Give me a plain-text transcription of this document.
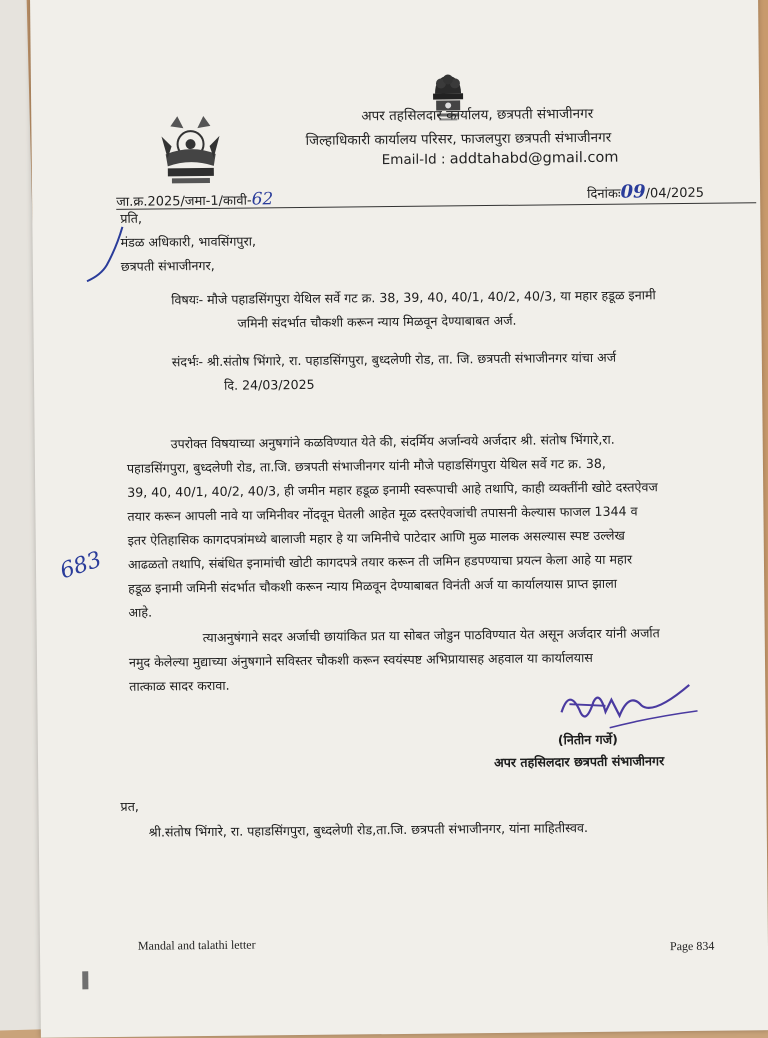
अपर तहसिलदार कार्यालय, छत्रपती संभाजीनगर
जिल्हाधिकारी कार्यालय परिसर, फाजलपुरा छत्रपती संभाजीनगर
Email-Id : addtahabd@gmail.com
जा.क्र.2025/जमा-1/कावी-62	दिनांकः09/04/2025
प्रति,
मंडळ अधिकारी, भावसिंगपुरा,
छत्रपती संभाजीनगर,
विषयः- मौजे पहाडसिंगपुरा येथिल सर्वे गट क्र. 38, 39, 40, 40/1, 40/2, 40/3, या महार हडूळ इनामी
जमिनी संदर्भात चौकशी करून न्याय मिळवून देण्याबाबत अर्ज.
संदर्भः- श्री.संतोष भिंगारे, रा. पहाडसिंगपुरा, बुध्दलेणी रोड, ता. जि. छत्रपती संभाजीनगर यांचा अर्ज
दि. 24/03/2025
उपरोक्त विषयाच्या अनुषगांने कळविण्यात येते की, संदर्मिय अर्जान्वये अर्जदार श्री. संतोष भिंगारे,रा.
पहाडसिंगपुरा, बुध्दलेणी रोड, ता.जि. छत्रपती संभाजीनगर यांनी मौजे पहाडसिंगपुरा येथिल सर्वे गट क्र. 38,
39, 40, 40/1, 40/2, 40/3, ही जमीन महार हडूळ इनामी स्वरूपाची आहे तथापि, काही व्यक्तींनी खोटे दस्तऐवज
तयार करून आपली नावे या जमिनीवर नोंदवून घेतली आहेत मूळ दस्तऐवजांची तपासनी केल्यास फाजल 1344 व
इतर ऐतिहासिक कागदपत्रांमध्ये बालाजी महार हे या जमिनीचे पाटेदार आणि मुळ मालक असल्यास स्पष्ट उल्लेख
आढळतो तथापि, संबंधित इनामांची खोटी कागदपत्रे तयार करून ती जमिन हडपण्याचा प्रयत्न केला आहे या महार
हडूळ इनामी जमिनी संदर्भात चौकशी करून न्याय मिळवून देण्याबाबत विनंती अर्ज या कार्यालयास प्राप्त झाला
आहे.
683
त्याअनुषंगाने सदर अर्जाची छायांकित प्रत या सोबत जोडुन पाठविण्यात येत असून अर्जदार यांनी अर्जात
नमुद केलेल्या मुद्याच्या अंनुषगाने सविस्तर चौकशी करून स्वयंस्पष्ट अभिप्रायासह अहवाल या कार्यालयास
तात्काळ सादर करावा.
(नितीन गर्जे)
अपर तहसिलदार छत्रपती संभाजीनगर
प्रत,
श्री.संतोष भिंगारे, रा. पहाडसिंगपुरा, बुध्दलेणी रोड,ता.जि. छत्रपती संभाजीनगर, यांना माहितीस्वव.
Mandal and talathi letter	Page 834
